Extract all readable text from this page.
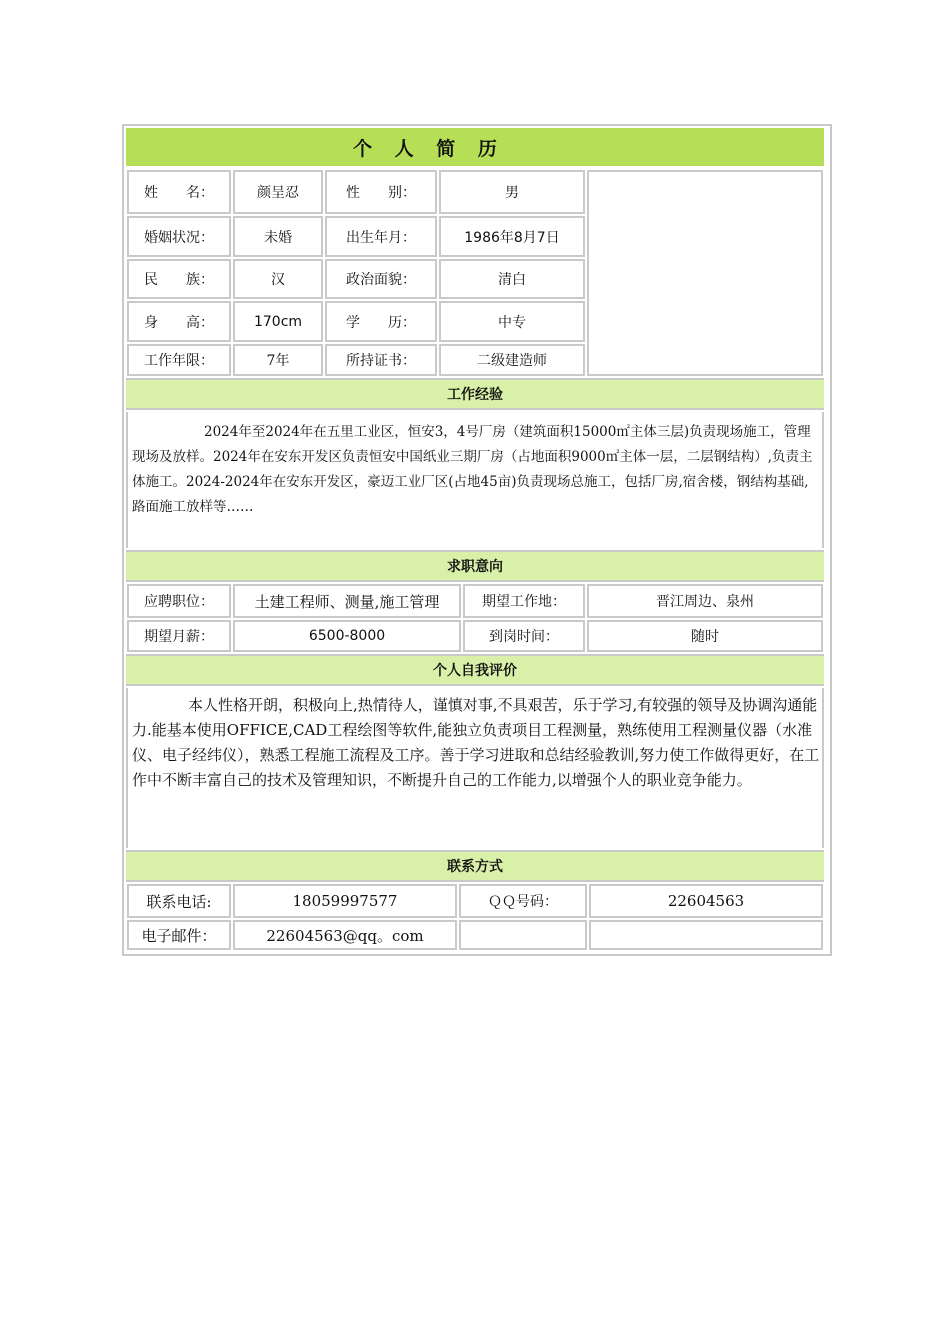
个 人 简 历
姓　　名：	颜呈忍	性　　别：	男
婚姻状况：	未婚	出生年月：	1986年8月7日
民　　族：	汉	政治面貌：	清白
身　　高：	170cm	学　　历：	中专
工作年限：	7年	所持证书：	二级建造师
工作经验

2024年至2024年在五里工业区，恒安3，4号厂房（建筑面积15000㎡主体三层)负责现场施工，管理现场及放样。2024年在安东开发区负责恒安中国纸业三期厂房（占地面积9000㎡主体一层，二层钢结构）,负责主体施工。2024-2024年在安东开发区，豪迈工业厂区(占地45亩)负责现场总施工，包括厂房,宿舍楼，钢结构基础,路面施工放样等……

求职意向
应聘职位：	土建工程师、测量,施工管理	期望工作地：	晋江周边、泉州
期望月薪：	6500-8000	到岗时间：	随时
个人自我评价

本人性格开朗，积极向上,热情待人，谨慎对事,不具艰苦，乐于学习,有较强的领导及协调沟通能力.能基本使用OFFICE,CAD工程绘图等软件,能独立负责项目工程测量，熟练使用工程测量仪器（水准仪、电子经纬仪），熟悉工程施工流程及工序。善于学习进取和总结经验教训,努力使工作做得更好，在工作中不断丰富自己的技术及管理知识，不断提升自己的工作能力,以增强个人的职业竞争能力。

联系方式
联系电话:	18059997577	ＱＱ号码：	22604563
电子邮件：	22604563@qq。com
